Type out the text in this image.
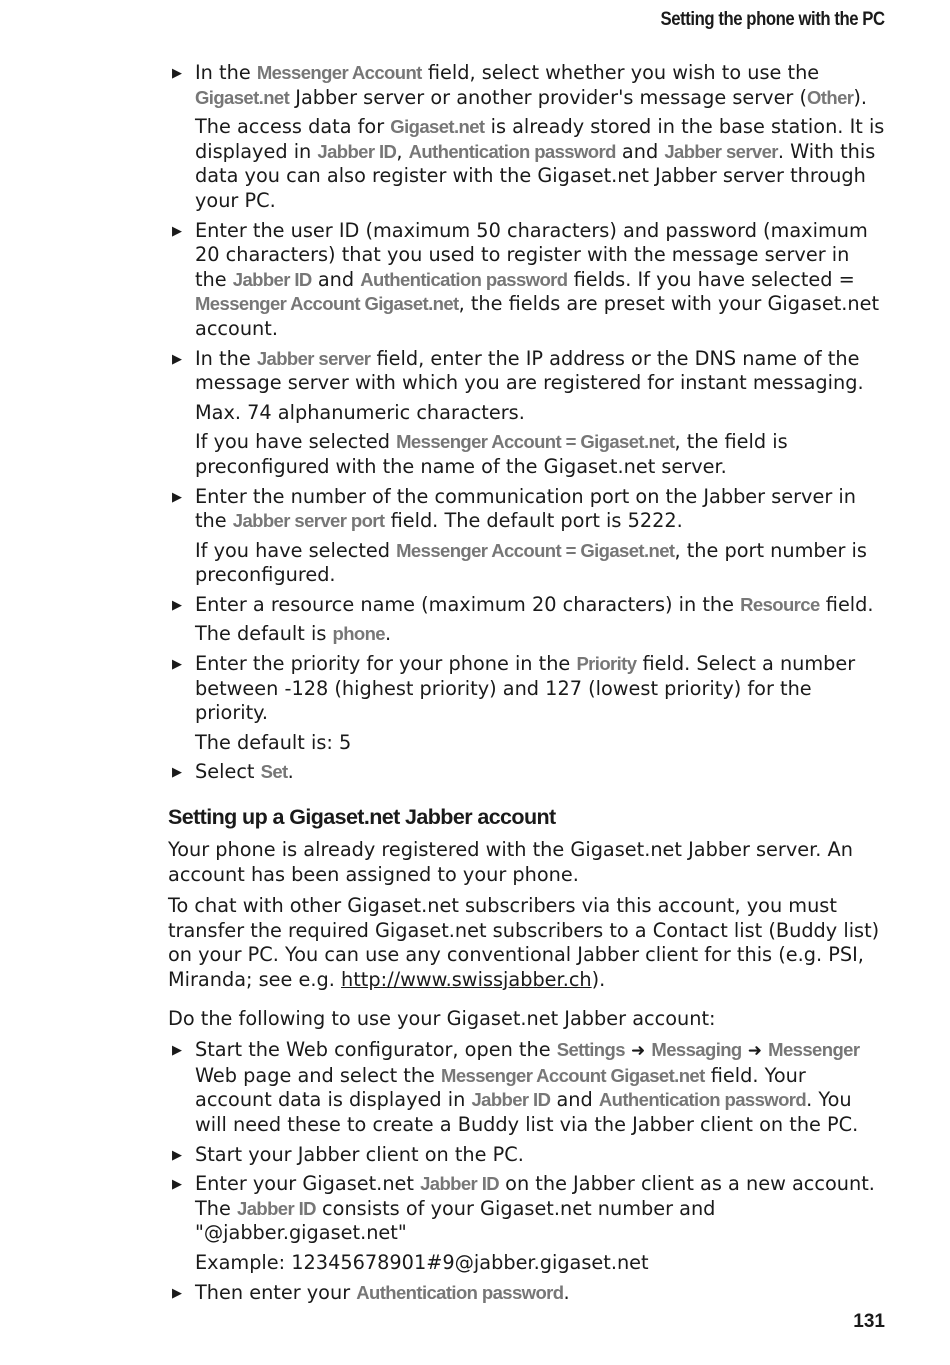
Setting the phone with the PC
▶ In the Messenger Account field, select whether you wish to use the Gigaset.net Jabber server or another provider's message server (Other).
The access data for Gigaset.net is already stored in the base station. It is displayed in Jabber ID, Authentication password and Jabber server. With this data you can also register with the Gigaset.net Jabber server through your PC.
▶ Enter the user ID (maximum 50 characters) and password (maximum 20 characters) that you used to register with the message server in the Jabber ID and Authentication password fields. If you have selected = Messenger Account Gigaset.net, the fields are preset with your Gigaset.net account.
▶ In the Jabber server field, enter the IP address or the DNS name of the message server with which you are registered for instant messaging.
Max. 74 alphanumeric characters.
If you have selected Messenger Account = Gigaset.net, the field is preconfigured with the name of the Gigaset.net server.
▶ Enter the number of the communication port on the Jabber server in the Jabber server port field. The default port is 5222.
If you have selected Messenger Account = Gigaset.net, the port number is preconfigured.
▶ Enter a resource name (maximum 20 characters) in the Resource field.
The default is phone.
▶ Enter the priority for your phone in the Priority field. Select a number between -128 (highest priority) and 127 (lowest priority) for the priority.
The default is: 5
▶ Select Set.
Setting up a Gigaset.net Jabber account
Your phone is already registered with the Gigaset.net Jabber server. An account has been assigned to your phone.
To chat with other Gigaset.net subscribers via this account, you must transfer the required Gigaset.net subscribers to a Contact list (Buddy list) on your PC. You can use any conventional Jabber client for this (e.g. PSI, Miranda; see e.g. http://www.swissjabber.ch).
Do the following to use your Gigaset.net Jabber account:
▶ Start the Web configurator, open the Settings ➜ Messaging ➜ Messenger Web page and select the Messenger Account Gigaset.net field. Your account data is displayed in Jabber ID and Authentication password. You will need these to create a Buddy list via the Jabber client on the PC.
▶ Start your Jabber client on the PC.
▶ Enter your Gigaset.net Jabber ID on the Jabber client as a new account. The Jabber ID consists of your Gigaset.net number and "@jabber.gigaset.net"
Example: 12345678901#9@jabber.gigaset.net
▶ Then enter your Authentication password.
131
